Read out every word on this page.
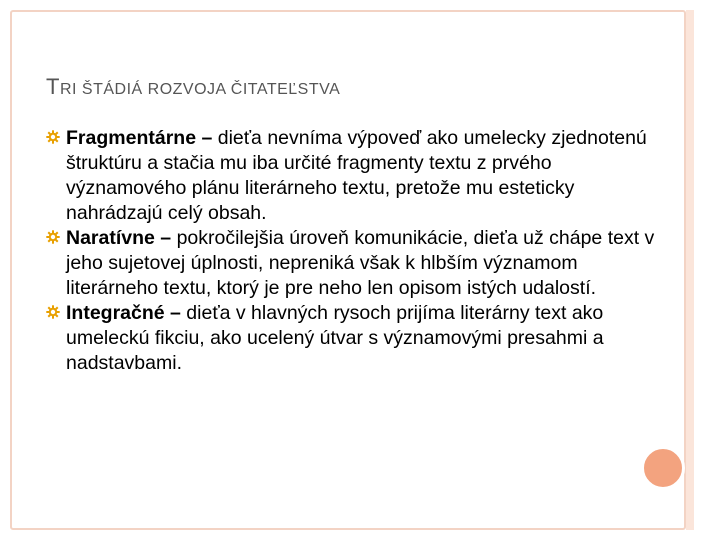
TRI ŠTÁDIÁ ROZVOJA ČITATEĽSTVA
Fragmentárne – dieťa nevníma výpoveď ako umelecky zjednotenú štruktúru a stačia mu iba určité fragmenty textu z prvého významového plánu literárneho textu, pretože mu esteticky nahrádzajú celý obsah.
Naratívne – pokročilejšia úroveň komunikácie, dieťa už chápe text v jeho sujetovej úplnosti, nepreniká však k hlbším významom literárneho textu, ktorý je pre neho len opisom istých udalostí.
Integračné – dieťa v hlavných rysoch prijíma literárny text ako umeleckú fikciu, ako ucelený útvar s významovými presahmi a nadstavbami.
